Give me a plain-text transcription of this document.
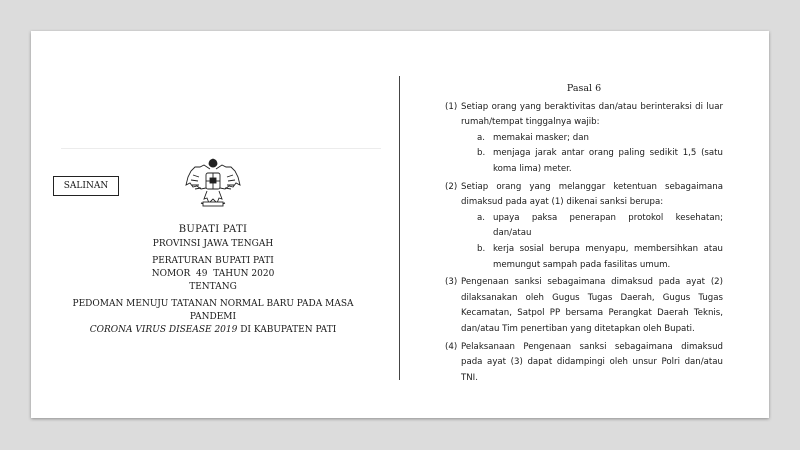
SALINAN
BUPATI PATI
PROVINSI JAWA TENGAH
PERATURAN BUPATI PATI
NOMOR  49  TAHUN 2020
TENTANG
PEDOMAN MENUJU TATANAN NORMAL BARU PADA MASA PANDEMI
CORONA VIRUS DISEASE 2019 DI KABUPATEN PATI
Pasal 6
(1) Setiap orang yang beraktivitas dan/atau berinteraksi di luar rumah/tempat tinggalnya wajib:
a. memakai masker; dan
b. menjaga jarak antar orang paling sedikit 1,5 (satu koma lima) meter.
(2) Setiap orang yang melanggar ketentuan sebagaimana dimaksud pada ayat (1) dikenai sanksi berupa:
a. upaya paksa penerapan protokol kesehatan; dan/atau
b. kerja sosial berupa menyapu, membersihkan atau memungut sampah pada fasilitas umum.
(3) Pengenaan sanksi sebagaimana dimaksud pada ayat (2) dilaksanakan oleh Gugus Tugas Daerah, Gugus Tugas Kecamatan, Satpol PP bersama Perangkat Daerah Teknis, dan/atau Tim penertiban yang ditetapkan oleh Bupati.
(4) Pelaksanaan Pengenaan sanksi sebagaimana dimaksud pada ayat (3) dapat didampingi oleh unsur Polri dan/atau TNI.
